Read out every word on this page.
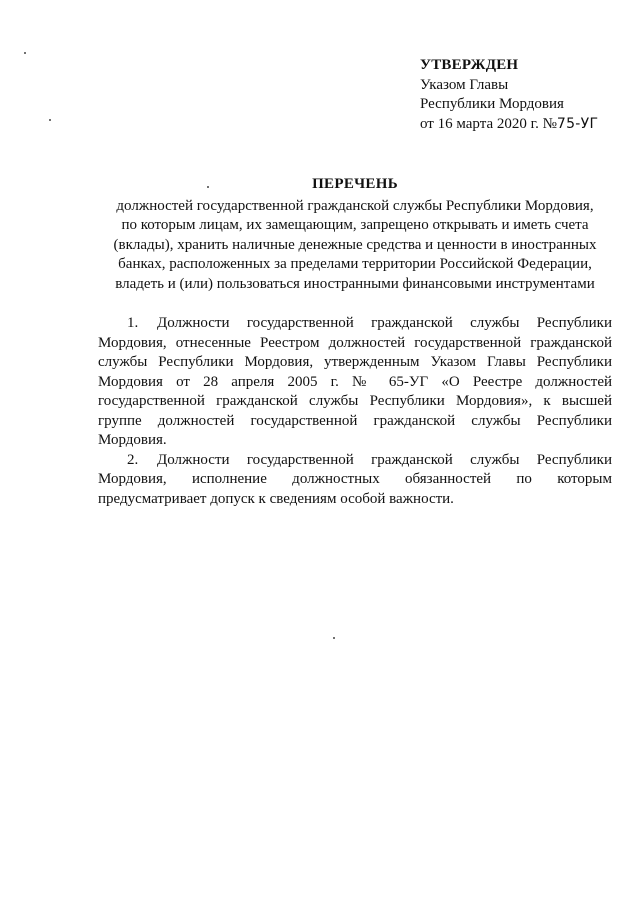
УТВЕРЖДЕН
Указом Главы
Республики Мордовия
от 16 марта 2020 г. №75-УГ
ПЕРЕЧЕНЬ
должностей государственной гражданской службы Республики Мордовия,
по которым лицам, их замещающим, запрещено открывать и иметь счета
(вклады), хранить наличные денежные средства и ценности в иностранных
банках, расположенных за пределами территории Российской Федерации,
владеть и (или) пользоваться иностранными финансовыми инструментами

1. Должности государственной гражданской службы Республики Мордовия, отнесенные Реестром должностей государственной гражданской службы Республики Мордовия, утвержденным Указом Главы Республики Мордовия от 28 апреля 2005 г. № 65-УГ «О Реестре должностей государственной гражданской службы Республики Мордовия», к высшей группе должностей государственной гражданской службы Республики Мордовия.

2. Должности государственной гражданской службы Республики Мордовия, исполнение должностных обязанностей по которым предусматривает допуск к сведениям особой важности.
